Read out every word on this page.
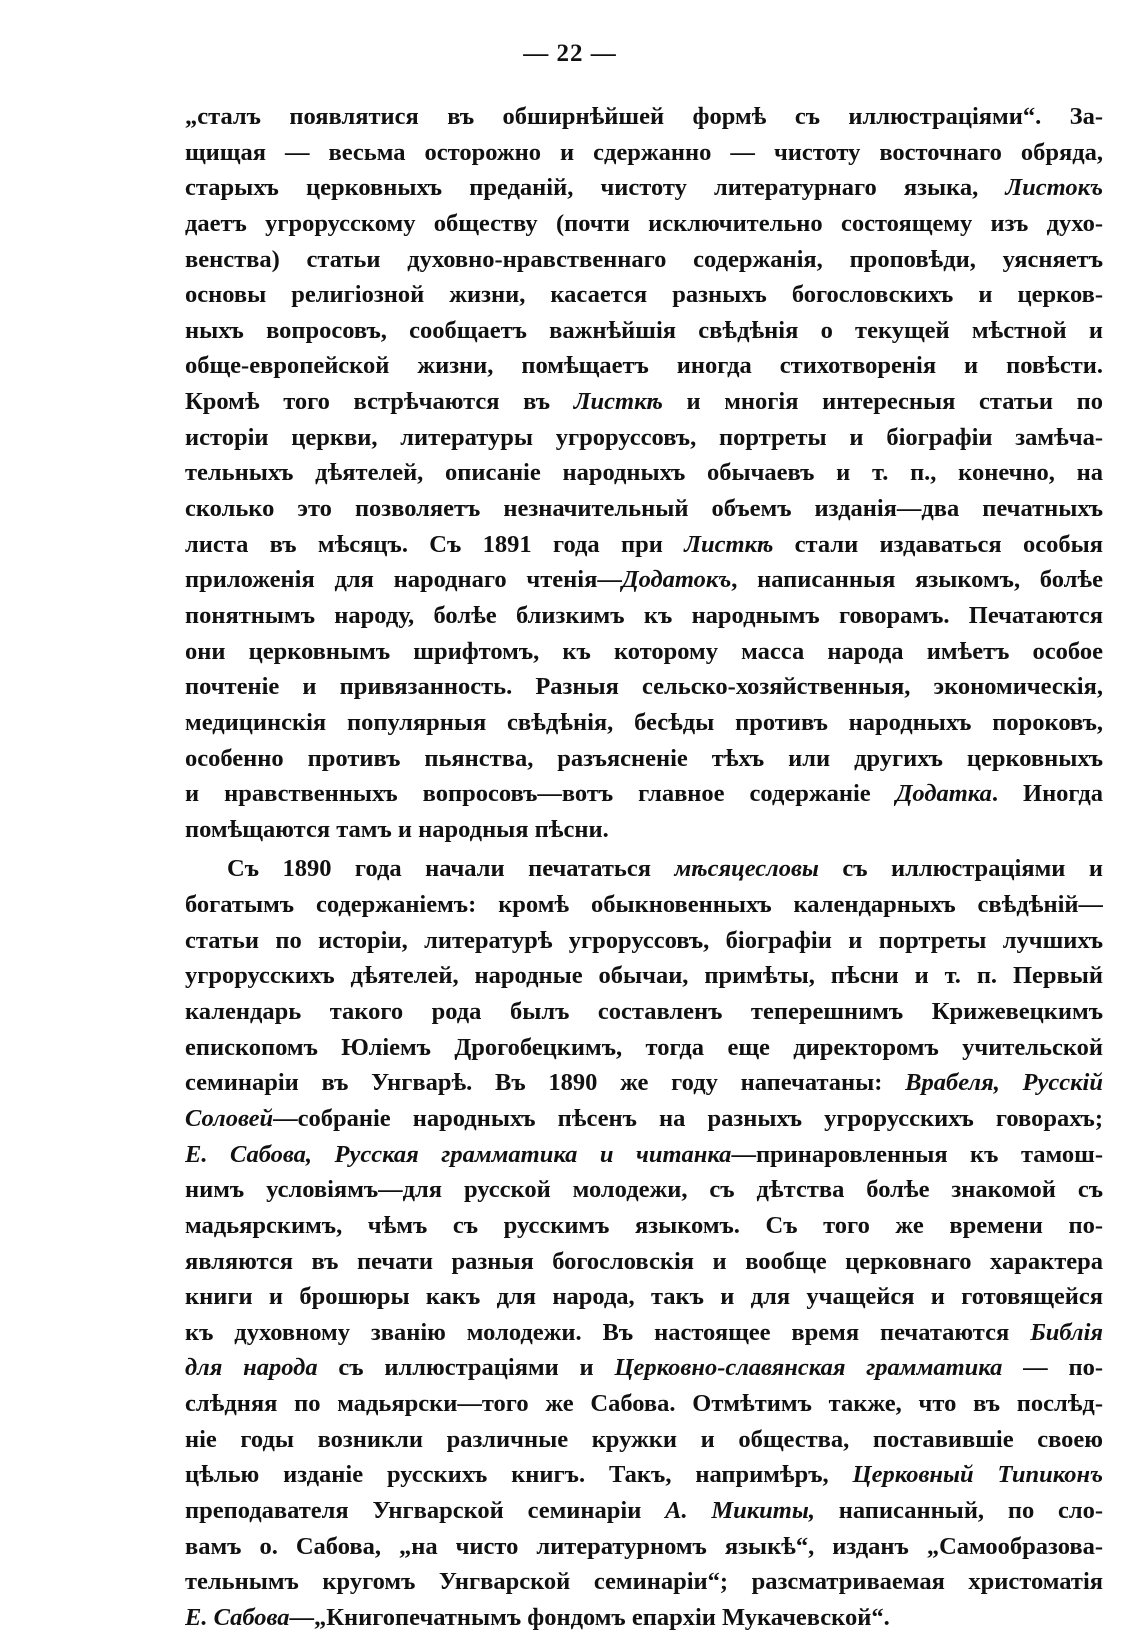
— 22 —
„сталъ появлятися въ обширнѣйшей формѣ съ иллюстраціями“. За-
щищая — весьма осторожно и сдержанно — чистоту восточнаго обряда,
старыхъ церковныхъ преданій, чистоту литературнаго языка, Листокъ
даетъ угрорусскому обществу (почти исключительно состоящему изъ духо-
венства) статьи духовно-нравственнаго содержанія, проповѣди, уясняетъ
основы религіозной жизни, касается разныхъ богословскихъ и церков-
ныхъ вопросовъ, сообщаетъ важнѣйшія свѣдѣнія о текущей мѣстной и
обще-европейской жизни, помѣщаетъ иногда стихотворенія и повѣсти.
Кромѣ того встрѣчаются въ Листкѣ и многія интересныя статьи по
исторіи церкви, литературы угроруссовъ, портреты и біографіи замѣча-
тельныхъ дѣятелей, описаніе народныхъ обычаевъ и т. п., конечно, на
сколько это позволяетъ незначительный объемъ изданія—два печатныхъ
листа въ мѣсяцъ. Съ 1891 года при Листкѣ стали издаваться особыя
приложенія для народнаго чтенія—Додатокъ, написанныя языкомъ, болѣе
понятнымъ народу, болѣе близкимъ къ народнымъ говорамъ. Печатаются
они церковнымъ шрифтомъ, къ которому масса народа имѣетъ особое
почтеніе и привязанность. Разныя сельско-хозяйственныя, экономическія,
медицинскія популярныя свѣдѣнія, бесѣды противъ народныхъ пороковъ,
особенно противъ пьянства, разъясненіе тѣхъ или другихъ церковныхъ
и нравственныхъ вопросовъ—вотъ главное содержаніе Додатка. Иногда
помѣщаются тамъ и народныя пѣсни.
Съ 1890 года начали печататься мѣсяцесловы съ иллюстраціями и
богатымъ содержаніемъ: кромѣ обыкновенныхъ календарныхъ свѣдѣній—
статьи по исторіи, литературѣ угроруссовъ, біографіи и портреты лучшихъ
угрорусскихъ дѣятелей, народные обычаи, примѣты, пѣсни и т. п. Первый
календарь такого рода былъ составленъ теперешнимъ Крижевецкимъ
епископомъ Юліемъ Дрогобецкимъ, тогда еще директоромъ учительской
семинаріи въ Унгварѣ. Въ 1890 же году напечатаны: Врабеля, Русскій
Соловей—собраніе народныхъ пѣсенъ на разныхъ угрорусскихъ говорахъ;
Е. Сабова, Русская грамматика и читанка—принаровленныя къ тамош-
нимъ условіямъ—для русской молодежи, съ дѣтства болѣе знакомой съ
мадьярскимъ, чѣмъ съ русскимъ языкомъ. Съ того же времени по-
являются въ печати разныя богословскія и вообще церковнаго характера
книги и брошюры какъ для народа, такъ и для учащейся и готовящейся
къ духовному званію молодежи. Въ настоящее время печатаются Библія
для народа съ иллюстраціями и Церковно-славянская грамматика — по-
слѣдняя по мадьярски—того же Сабова. Отмѣтимъ также, что въ послѣд-
ніе годы возникли различные кружки и общества, поставившіе своею
цѣлью изданіе русскихъ книгъ. Такъ, напримѣръ, Церковный Типиконъ
преподавателя Унгварской семинаріи А. Микиты, написанный, по сло-
вамъ о. Сабова, „на чисто литературномъ языкѣ“, изданъ „Самообразова-
тельнымъ кругомъ Унгварской семинаріи“; разсматриваемая христоматія
Е. Сабова—„Книгопечатнымъ фондомъ епархіи Мукачевской“.
